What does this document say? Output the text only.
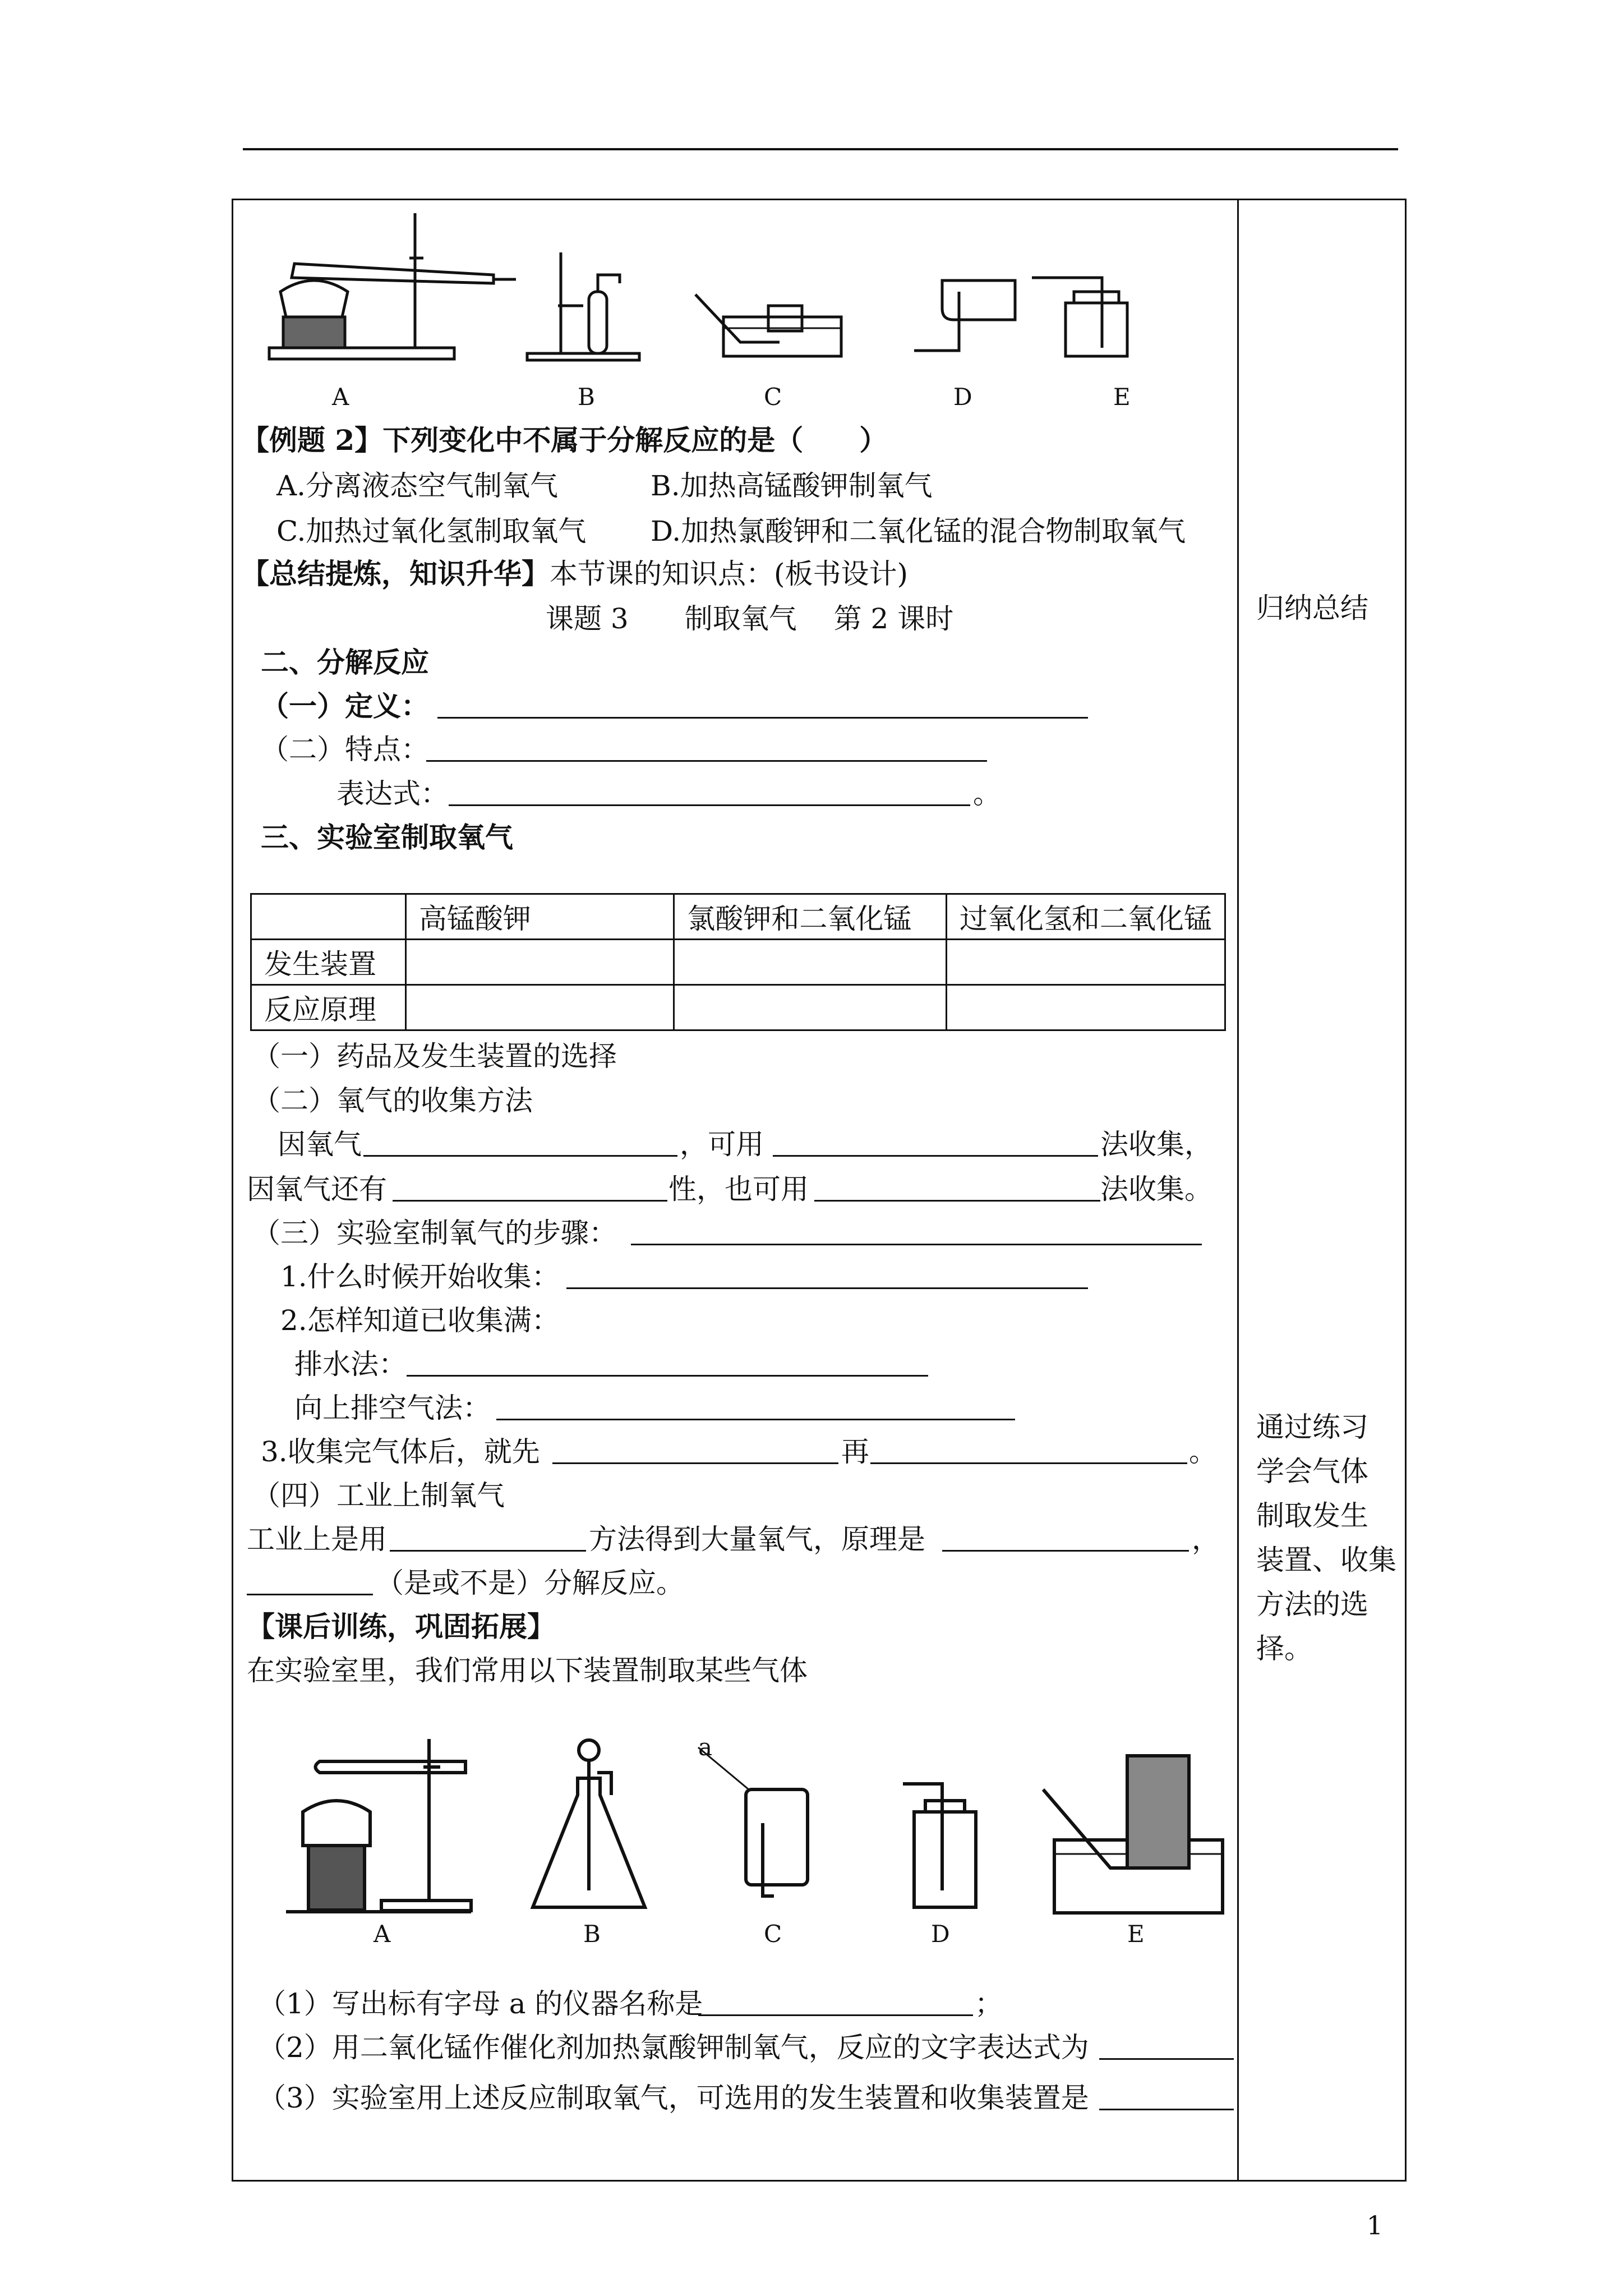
A	B	C	D	E
【例题 2】下列变化中不属于分解反应的是（　　）
A.分离液态空气制氧气	B.加热高锰酸钾制氧气
C.加热过氧化氢制取氧气 D.加热氯酸钾和二氧化锰的混合物制取氧气
【总结提炼，知识升华】本节课的知识点：(板书设计)
课题 3　　制取氧气　 第 2 课时
二、分解反应
（一）定义：
（二）特点：
表达式：	。
三、实验室制取氧气
	高锰酸钾	氯酸钾和二氧化锰	过氧化氢和二氧化锰
发生装置			
反应原理			
（一）药品及发生装置的选择
（二）氧气的收集方法
因氧气	，可用	法收集，
因氧气还有	性，也可用	法收集。
（三）实验室制氧气的步骤：
1.什么时候开始收集：
2.怎样知道已收集满：
排水法：
向上排空气法：
3.收集完气体后，就先	再	。
（四）工业上制氧气
工业上是用	方法得到大量氧气，原理是	，
（是或不是）分解反应。
【课后训练，巩固拓展】
在实验室里，我们常用以下装置制取某些气体
A	B	C	D	E
a
（1）写出标有字母 a 的仪器名称是	；
（2）用二氧化锰作催化剂加热氯酸钾制氧气，反应的文字表达式为
（3）实验室用上述反应制取氧气，可选用的发生装置和收集装置是
归纳总结
通过练习
学会气体
制取发生
装置、收集
方法的选
择。
1
